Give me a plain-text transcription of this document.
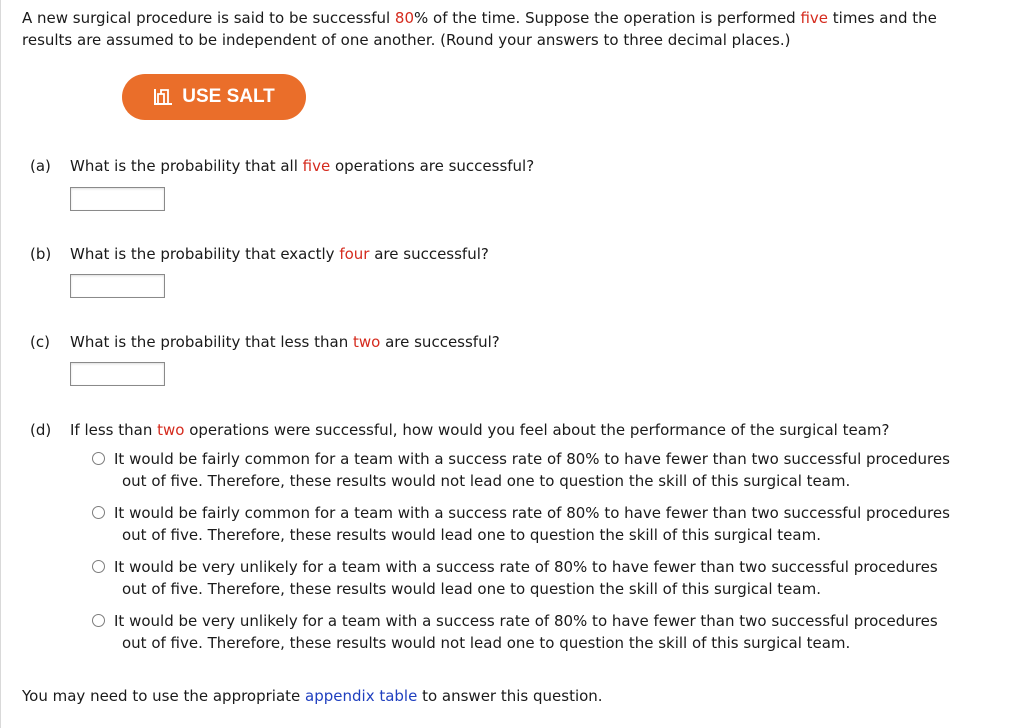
A new surgical procedure is said to be successful 80% of the time. Suppose the operation is performed five times and the
results are assumed to be independent of one another. (Round your answers to three decimal places.)
USE SALT
(a) What is the probability that all five operations are successful?
(b) What is the probability that exactly four are successful?
(c) What is the probability that less than two are successful?
(d) If less than two operations were successful, how would you feel about the performance of the surgical team?
It would be fairly common for a team with a success rate of 80% to have fewer than two successful procedures
out of five. Therefore, these results would not lead one to question the skill of this surgical team.
It would be fairly common for a team with a success rate of 80% to have fewer than two successful procedures
out of five. Therefore, these results would lead one to question the skill of this surgical team.
It would be very unlikely for a team with a success rate of 80% to have fewer than two successful procedures
out of five. Therefore, these results would lead one to question the skill of this surgical team.
It would be very unlikely for a team with a success rate of 80% to have fewer than two successful procedures
out of five. Therefore, these results would not lead one to question the skill of this surgical team.
You may need to use the appropriate appendix table to answer this question.
